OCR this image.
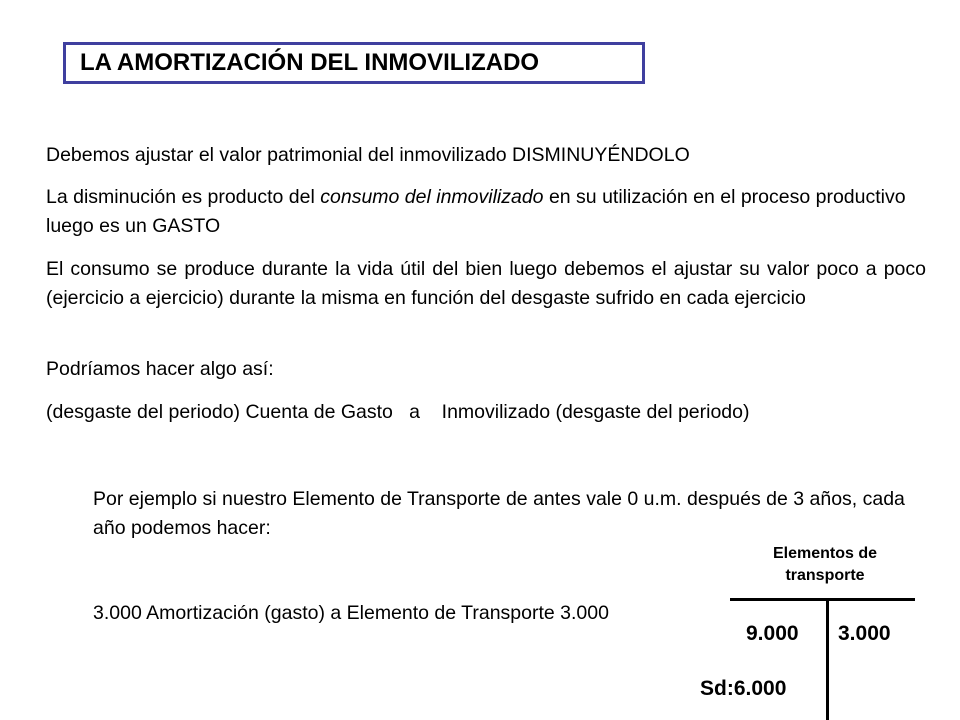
LA AMORTIZACIÓN DEL INMOVILIZADO
Debemos ajustar el valor patrimonial del inmovilizado DISMINUYÉNDOLO
La disminución es producto del consumo del inmovilizado en su utilización en el proceso productivo luego es un GASTO
El consumo se produce durante la vida útil del bien luego debemos el ajustar su valor poco a poco (ejercicio a ejercicio) durante la misma en función del desgaste sufrido en cada ejercicio
Podríamos hacer algo así:
(desgaste del periodo) Cuenta de Gasto   a    Inmovilizado (desgaste del periodo)
Por ejemplo si nuestro Elemento de Transporte de antes vale 0 u.m. después de 3 años, cada año podemos hacer:
3.000 Amortización (gasto) a Elemento de Transporte 3.000
Elementos de transporte
9.000 3.000
Sd:6.000
